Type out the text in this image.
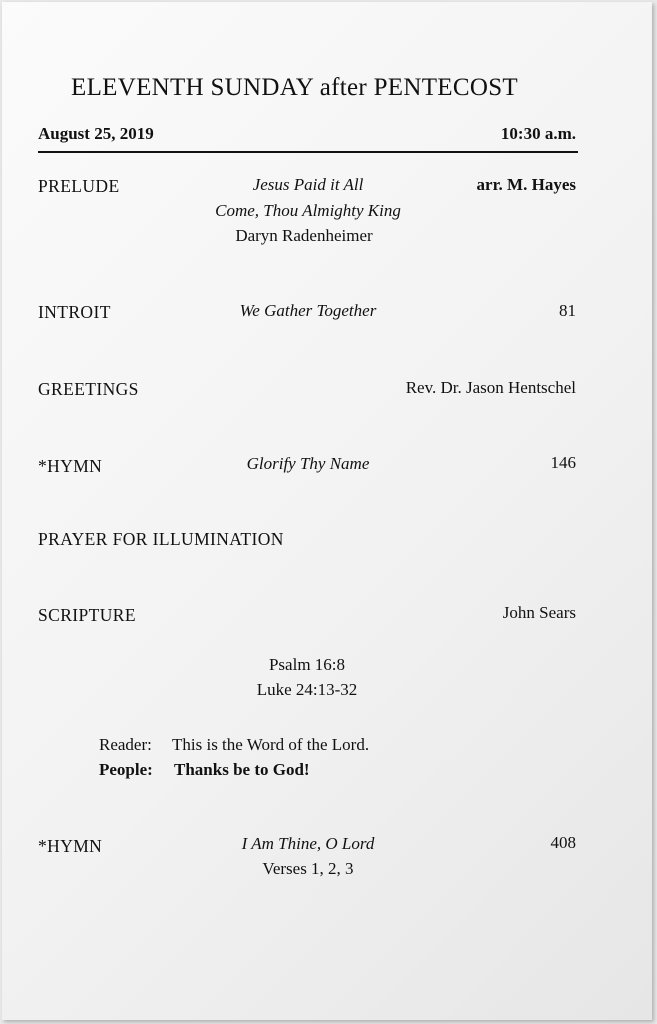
ELEVENTH SUNDAY after PENTECOST
August 25, 2019	10:30 a.m.
PRELUDE	Jesus Paid it All	arr. M. Hayes
Come, Thou Almighty King
Daryn Radenheimer
INTROIT	We Gather Together	81
GREETINGS	Rev. Dr. Jason Hentschel
*HYMN	Glorify Thy Name	146
PRAYER FOR ILLUMINATION
SCRIPTURE	John Sears
Psalm 16:8
Luke 24:13-32
Reader: This is the Word of the Lord.
People: Thanks be to God!
*HYMN	I Am Thine, O Lord	408
Verses 1, 2, 3
